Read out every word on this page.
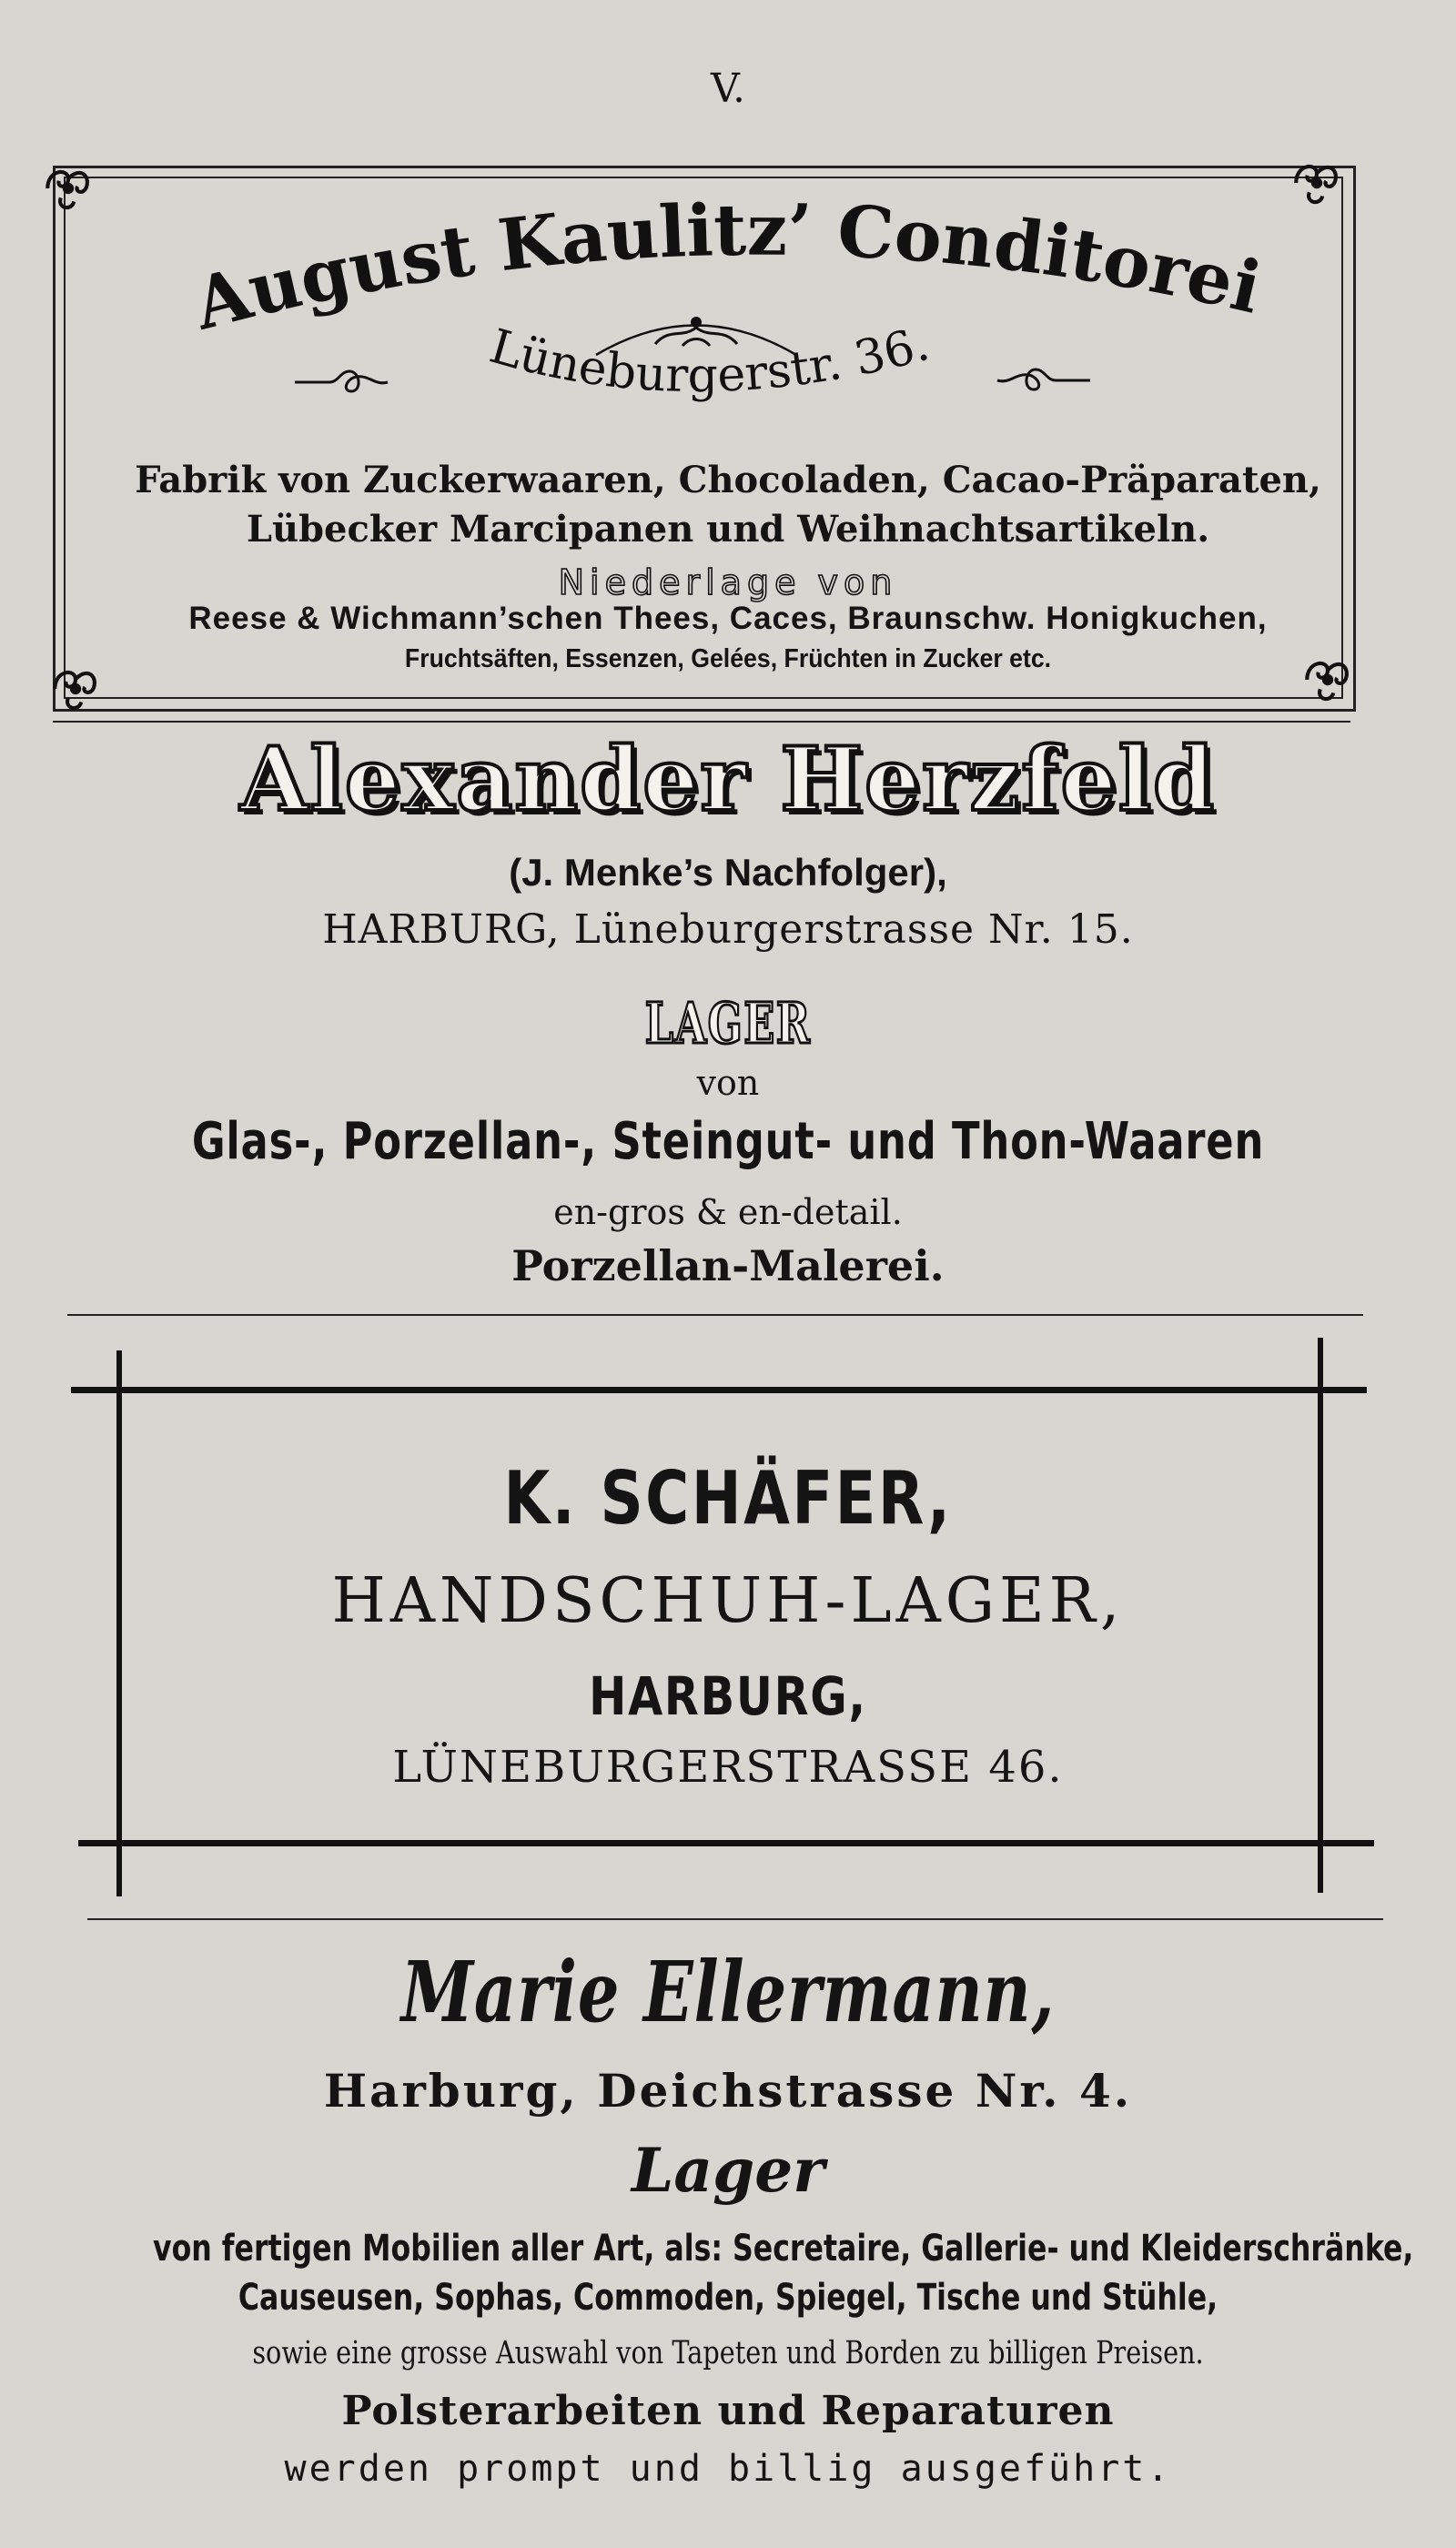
V.
August Kaulitz’ Conditorei
Lüneburgerstr. 36.
Fabrik von Zuckerwaaren, Chocoladen, Cacao-Präparaten,
Lübecker Marcipanen und Weihnachtsartikeln.
Niederlage von
Reese & Wichmann’schen Thees, Caces, Braunschw. Honigkuchen,
Fruchtsäften, Essenzen, Gelées, Früchten in Zucker etc.
Alexander Herzfeld
(J. Menke’s Nachfolger),
HARBURG, Lüneburgerstrasse Nr. 15.
LAGER
von
Glas-, Porzellan-, Steingut- und Thon-Waaren
en-gros & en-detail.
Porzellan-Malerei.
K. SCHÄFER,
HANDSCHUH-LAGER,
HARBURG,
LÜNEBURGERSTRASSE 46.
Marie Ellermann,
Harburg, Deichstrasse Nr. 4.
Lager
von fertigen Mobilien aller Art, als: Secretaire, Gallerie- und Kleiderschränke,
Causeusen, Sophas, Commoden, Spiegel, Tische und Stühle,
sowie eine grosse Auswahl von Tapeten und Borden zu billigen Preisen.
Polsterarbeiten und Reparaturen
werden prompt und billig ausgeführt.
